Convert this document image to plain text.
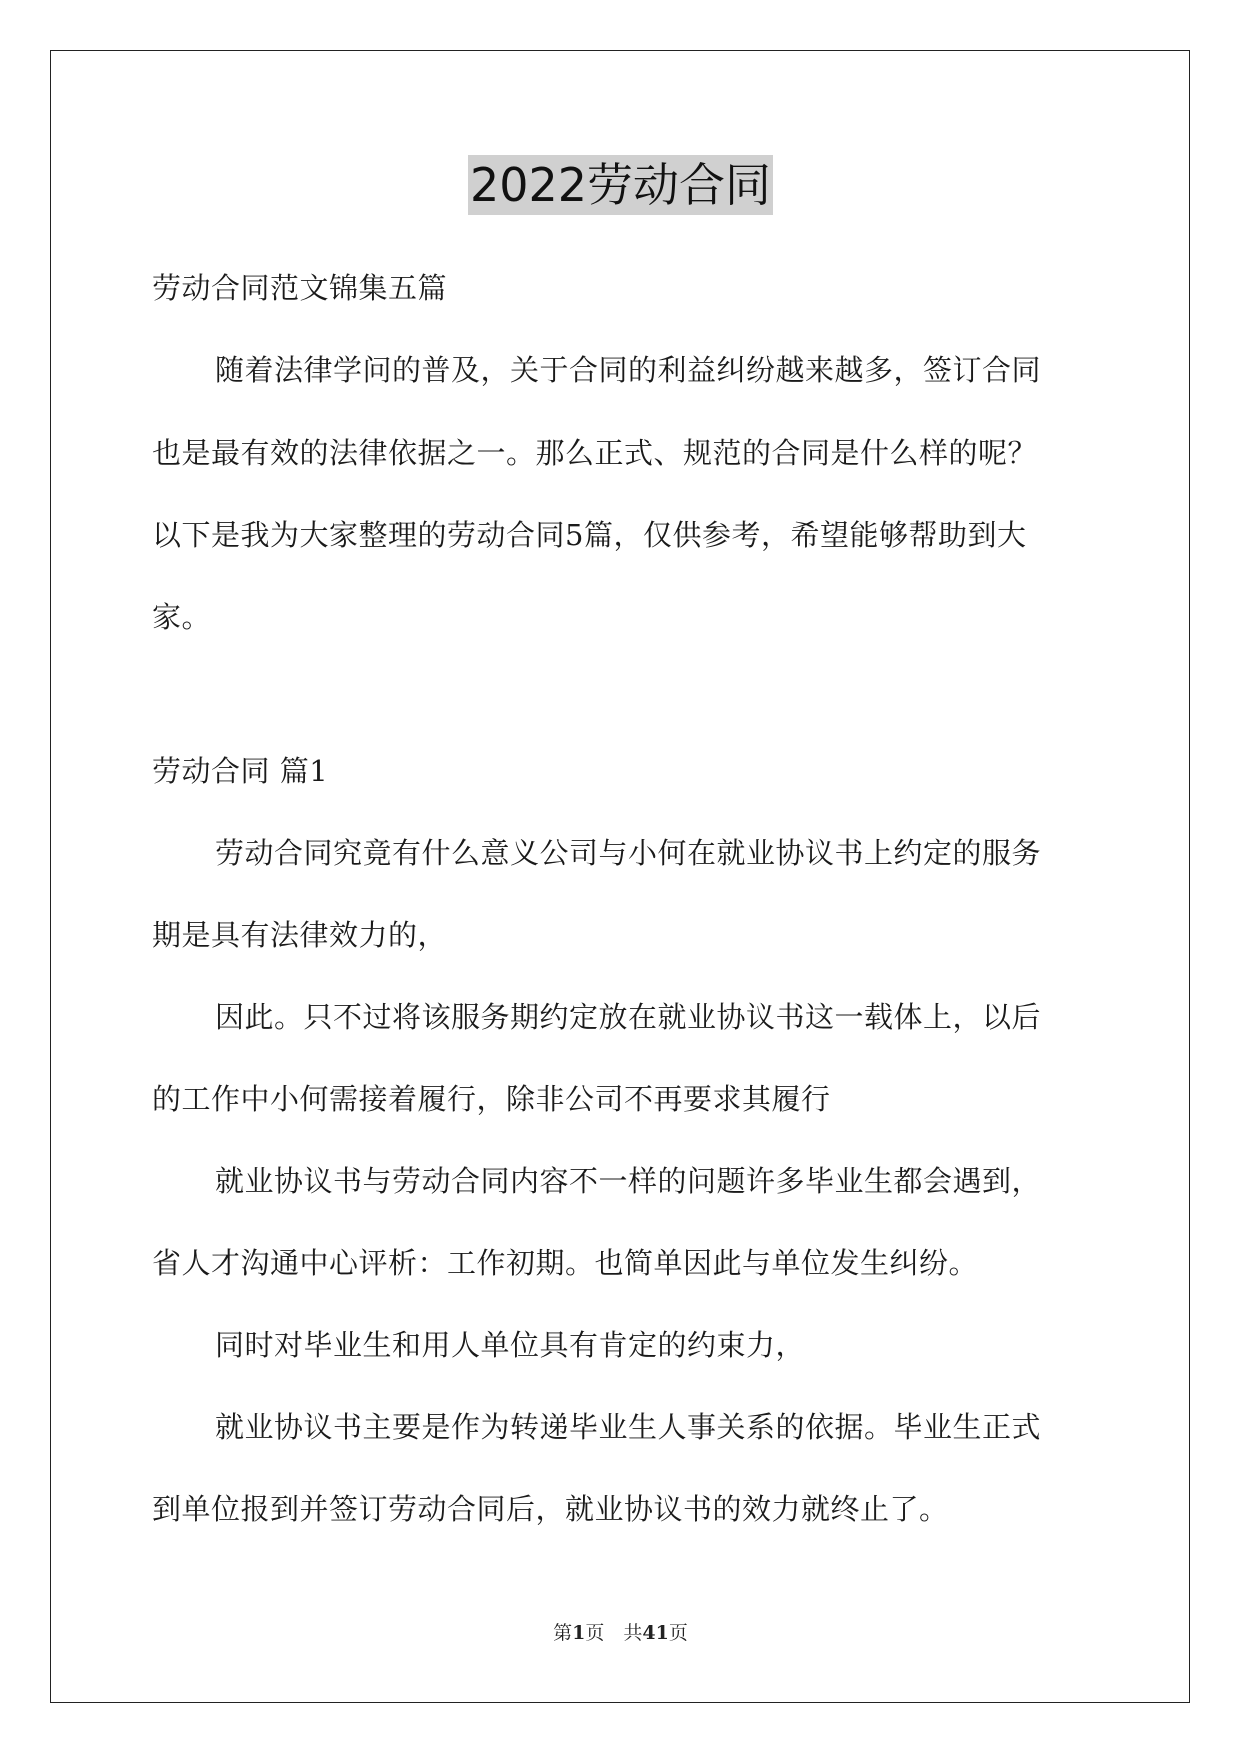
2022劳动合同
劳动合同范文锦集五篇
随着法律学问的普及，关于合同的利益纠纷越来越多，签订合同
也是最有效的法律依据之一。那么正式、规范的合同是什么样的呢？
以下是我为大家整理的劳动合同5篇，仅供参考，希望能够帮助到大
家。
劳动合同 篇1
劳动合同究竟有什么意义公司与小何在就业协议书上约定的服务
期是具有法律效力的，
因此。只不过将该服务期约定放在就业协议书这一载体上，以后
的工作中小何需接着履行，除非公司不再要求其履行
就业协议书与劳动合同内容不一样的问题许多毕业生都会遇到，
省人才沟通中心评析：工作初期。也简单因此与单位发生纠纷。
同时对毕业生和用人单位具有肯定的约束力，
就业协议书主要是作为转递毕业生人事关系的依据。毕业生正式
到单位报到并签订劳动合同后，就业协议书的效力就终止了。
第1页　共41页
